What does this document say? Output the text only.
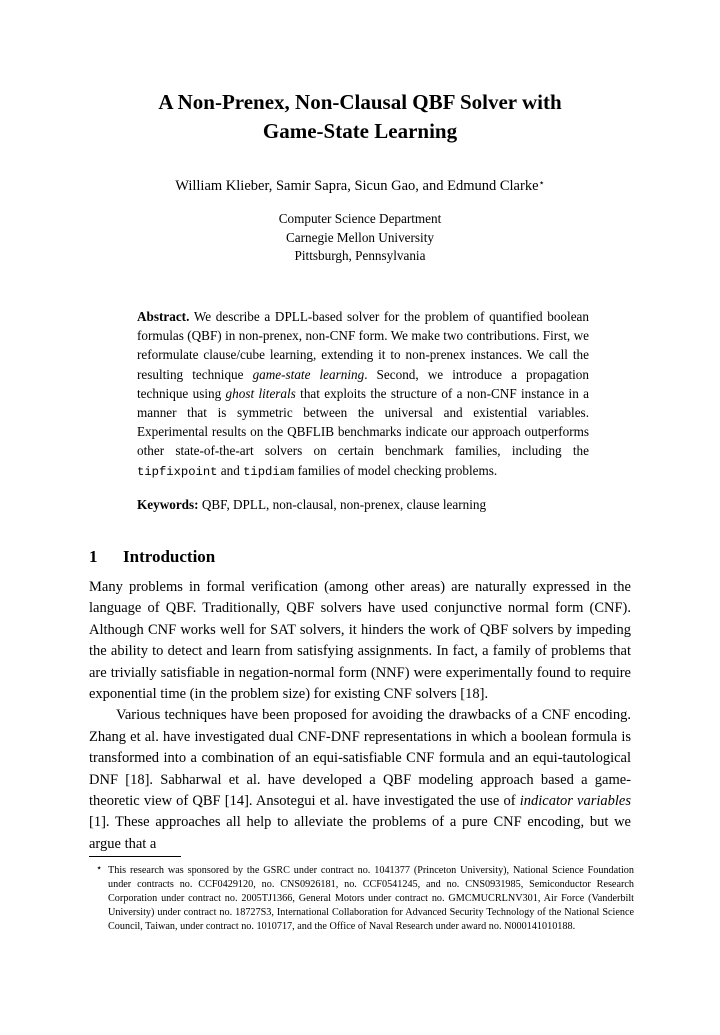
A Non-Prenex, Non-Clausal QBF Solver with
Game-State Learning
William Klieber, Samir Sapra, Sicun Gao, and Edmund Clarke⋆
Computer Science Department
Carnegie Mellon University
Pittsburgh, Pennsylvania
Abstract. We describe a DPLL-based solver for the problem of quantified boolean formulas (QBF) in non-prenex, non-CNF form. We make two contributions. First, we reformulate clause/cube learning, extending it to non-prenex instances. We call the resulting technique game-state learning. Second, we introduce a propagation technique using ghost literals that exploits the structure of a non-CNF instance in a manner that is symmetric between the universal and existential variables. Experimental results on the QBFLIB benchmarks indicate our approach outperforms other state-of-the-art solvers on certain benchmark families, including the tipfixpoint and tipdiam families of model checking problems.
Keywords: QBF, DPLL, non-clausal, non-prenex, clause learning
1 Introduction

Many problems in formal verification (among other areas) are naturally expressed in the language of QBF. Traditionally, QBF solvers have used conjunctive normal form (CNF). Although CNF works well for SAT solvers, it hinders the work of QBF solvers by impeding the ability to detect and learn from satisfying assignments. In fact, a family of problems that are trivially satisfiable in negation-normal form (NNF) were experimentally found to require exponential time (in the problem size) for existing CNF solvers [18].

Various techniques have been proposed for avoiding the drawbacks of a CNF encoding. Zhang et al. have investigated dual CNF-DNF representations in which a boolean formula is transformed into a combination of an equi-satisfiable CNF formula and an equi-tautological DNF [18]. Sabharwal et al. have developed a QBF modeling approach based a game-theoretic view of QBF [14]. Ansotegui et al. have investigated the use of indicator variables [1]. These approaches all help to alleviate the problems of a pure CNF encoding, but we argue that a

⋆ This research was sponsored by the GSRC under contract no. 1041377 (Princeton University), National Science Foundation under contracts no. CCF0429120, no. CNS0926181, no. CCF0541245, and no. CNS0931985, Semiconductor Research Corporation under contract no. 2005TJ1366, General Motors under contract no. GMCMUCRLNV301, Air Force (Vanderbilt University) under contract no. 18727S3, International Collaboration for Advanced Security Technology of the National Science Council, Taiwan, under contract no. 1010717, and the Office of Naval Research under award no. N000141010188.
